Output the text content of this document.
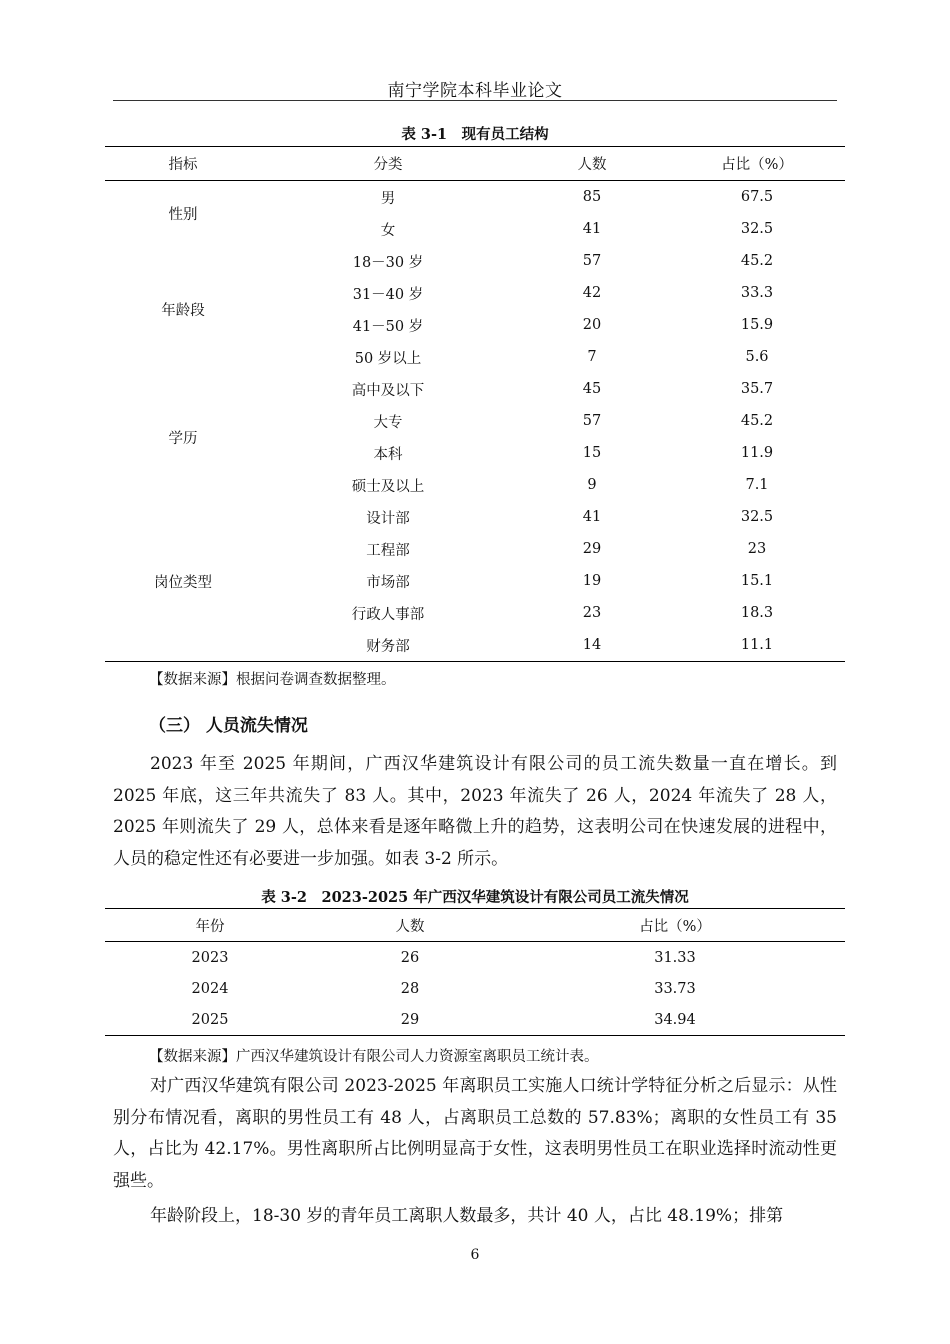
南宁学院本科毕业论文
表 3-1　现有员工结构
指标	分类	人数	占比（%）
性别	男	85	67.5
	女	41	32.5
年龄段	18－30 岁	57	45.2
	31－40 岁	42	33.3
	41－50 岁	20	15.9
	50 岁以上	7	5.6
学历	高中及以下	45	35.7
	大专	57	45.2
	本科	15	11.9
	硕士及以上	9	7.1
岗位类型	设计部	41	32.5
	工程部	29	23
	市场部	19	15.1
	行政人事部	23	18.3
	财务部	14	11.1
【数据来源】根据问卷调查数据整理。
（三） 人员流失情况

2023 年至 2025 年期间，广西汉华建筑设计有限公司的员工流失数量一直在增长。到 2025 年底，这三年共流失了 83 人。其中，2023 年流失了 26 人，2024 年流失了 28 人，2025 年则流失了 29 人，总体来看是逐年略微上升的趋势，这表明公司在快速发展的进程中，人员的稳定性还有必要进一步加强。如表 3-2 所示。

表 3-2　2023-2025 年广西汉华建筑设计有限公司员工流失情况
年份	人数	占比（%）
2023	26	31.33
2024	28	33.73
2025	29	34.94
【数据来源】广西汉华建筑设计有限公司人力资源室离职员工统计表。

对广西汉华建筑有限公司 2023-2025 年离职员工实施人口统计学特征分析之后显示：从性别分布情况看，离职的男性员工有 48 人，占离职员工总数的 57.83%；离职的女性员工有 35 人，占比为 42.17%。男性离职所占比例明显高于女性，这表明男性员工在职业选择时流动性更强些。

年龄阶段上，18-30 岁的青年员工离职人数最多，共计 40 人，占比 48.19%；排第

6
